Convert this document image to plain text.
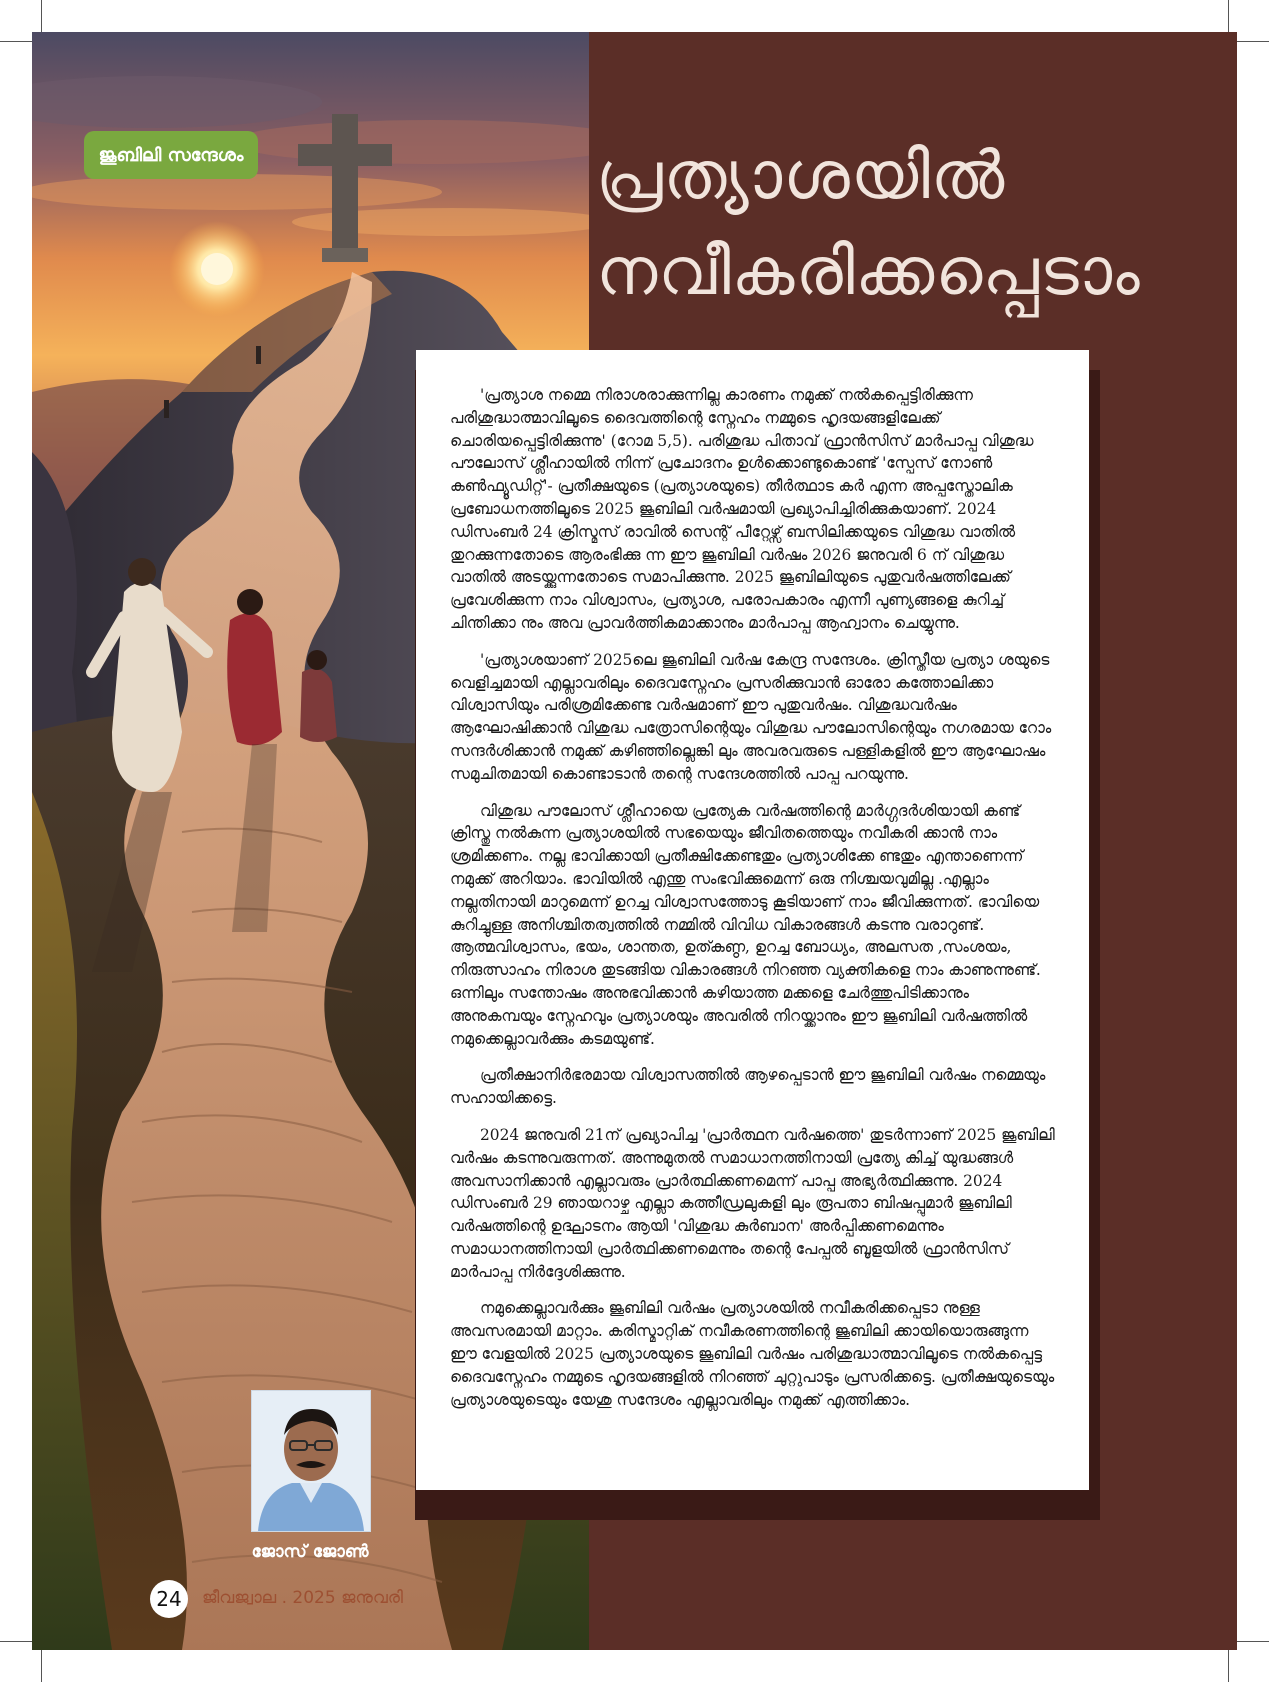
ജൂബിലി സന്ദേശം	പ്രത്യാശയിൽ
നവീകരിക്കപ്പെടാം

'പ്രത്യാശ നമ്മെ നിരാശരാക്കുന്നില്ല കാരണം നമുക്ക് നൽകപ്പെട്ടിരിക്കുന്ന പരിശുദ്ധാത്മാവിലൂടെ ദൈവത്തിന്റെ സ്നേഹം നമ്മുടെ ഹൃദയങ്ങളിലേക്ക് ചൊരിയപ്പെട്ടിരിക്കുന്നു' (റോമ 5,5). പരിശുദ്ധ പിതാവ് ഫ്രാൻസിസ് മാർപാപ്പ വിശുദ്ധ പൗലോസ് ശ്ലീഹായിൽ നിന്ന് പ്രചോദനം ഉൾക്കൊണ്ടുകൊണ്ട് 'സ്പേസ് നോൺ കൺഫ്യൂഡിറ്റ്'- പ്രതീക്ഷയുടെ (പ്രത്യാശയുടെ) തീർത്ഥാട കർ എന്ന അപ്പസ്തോലിക പ്രബോധനത്തിലൂടെ 2025 ജൂബിലി വർഷമായി പ്രഖ്യാപിച്ചിരിക്കുകയാണ്. 2024 ഡിസംബർ 24 ക്രിസ്മസ് രാവിൽ സെന്റ് പീറ്റേഴ്സ് ബസിലിക്കയുടെ വിശുദ്ധ വാതിൽ തുറക്കുന്നതോടെ ആരംഭിക്കു ന്ന ഈ ജൂബിലി വർഷം 2026 ജനുവരി 6 ന് വിശുദ്ധ വാതിൽ അടയ്ക്കുന്നതോടെ സമാപിക്കുന്നു. 2025 ജൂബിലിയുടെ പുതുവർഷത്തിലേക്ക് പ്രവേശിക്കുന്ന നാം വിശ്വാസം, പ്രത്യാശ, പരോപകാരം എന്നീ പുണ്യങ്ങളെ കുറിച്ച് ചിന്തിക്കാ നും അവ പ്രാവർത്തികമാക്കാനും മാർപാപ്പ ആഹ്വാനം ചെയ്യുന്നു.

'പ്രത്യാശയാണ് 2025ലെ ജൂബിലി വർഷ കേന്ദ്ര സന്ദേശം. ക്രിസ്തീയ പ്രത്യാ ശയുടെ വെളിച്ചമായി എല്ലാവരിലും ദൈവസ്നേഹം പ്രസരിക്കുവാൻ ഓരോ കത്തോലിക്കാ വിശ്വാസിയും പരിശ്രമിക്കേണ്ട വർഷമാണ് ഈ പുതുവർഷം. വിശുദ്ധവർഷം ആഘോഷിക്കാൻ വിശുദ്ധ പത്രോസിന്റെയും വിശുദ്ധ പൗലോസിന്റെയും നഗരമായ റോം സന്ദർശിക്കാൻ നമുക്ക് കഴിഞ്ഞില്ലെങ്കി ലും അവരവരുടെ പള്ളികളിൽ ഈ ആഘോഷം സമുചിതമായി കൊണ്ടാടാൻ തന്റെ സന്ദേശത്തിൽ പാപ്പ പറയുന്നു.

വിശുദ്ധ പൗലോസ് ശ്ലീഹായെ പ്രത്യേക വർഷത്തിന്റെ മാർഗ്ഗദർശിയായി കണ്ട് ക്രിസ്തു നൽകുന്ന പ്രത്യാശയിൽ സഭയെയും ജീവിതത്തെയും നവീകരി ക്കാൻ നാം ശ്രമിക്കണം. നല്ല ഭാവിക്കായി പ്രതീക്ഷിക്കേണ്ടതും പ്രത്യാശിക്കേ ണ്ടതും എന്താണെന്ന് നമുക്ക് അറിയാം. ഭാവിയിൽ എന്തു സംഭവിക്കുമെന്ന് ഒരു നിശ്ചയവുമില്ല .എല്ലാം നല്ലതിനായി മാറുമെന്ന് ഉറച്ച വിശ്വാസത്തോടു കൂടിയാണ് നാം ജീവിക്കുന്നത്. ഭാവിയെ കുറിച്ചുള്ള അനിശ്ചിതത്വത്തിൽ നമ്മിൽ വിവിധ വികാരങ്ങൾ കടന്നു വരാറുണ്ട്. ആത്മവിശ്വാസം, ഭയം, ശാന്തത, ഉത്കണ്ഠ, ഉറച്ച ബോധ്യം, അലസത ,സംശയം, നിരുത്സാഹം നിരാശ തുടങ്ങിയ വികാരങ്ങൾ നിറഞ്ഞ വ്യക്തികളെ നാം കാണുന്നുണ്ട്. ഒന്നിലും സന്തോഷം അനുഭവിക്കാൻ കഴിയാത്ത മക്കളെ ചേർത്തുപിടിക്കാനും അനുകമ്പയും സ്നേഹവും പ്രത്യാശയും അവരിൽ നിറയ്ക്കാനും ഈ ജൂബിലി വർഷത്തിൽ നമുക്കെല്ലാവർക്കും കടമയുണ്ട്.

പ്രതീക്ഷാനിർഭരമായ വിശ്വാസത്തിൽ ആഴപ്പെടാൻ ഈ ജൂബിലി വർഷം നമ്മെയും സഹായിക്കട്ടെ.

2024 ജനുവരി 21ന് പ്രഖ്യാപിച്ച 'പ്രാർത്ഥന വർഷത്തെ' തുടർന്നാണ് 2025 ജൂബിലി വർഷം കടന്നുവരുന്നത്. അന്നുമുതൽ സമാധാനത്തിനായി പ്രത്യേ കിച്ച് യുദ്ധങ്ങൾ അവസാനിക്കാൻ എല്ലാവരും പ്രാർത്ഥിക്കണമെന്ന് പാപ്പ അഭ്യർത്ഥിക്കുന്നു. 2024 ഡിസംബർ 29 ഞായറാഴ്ച എല്ലാ കത്തീഡ്രലുകളി ലും രൂപതാ ബിഷപ്പുമാർ ജൂബിലി വർഷത്തിന്റെ ഉദ്ഘാടനം ആയി 'വിശുദ്ധ കുർബാന' അർപ്പിക്കണമെന്നും സമാധാനത്തിനായി പ്രാർത്ഥിക്കണമെന്നും തന്റെ പേപ്പൽ ബൂളയിൽ ഫ്രാൻസിസ് മാർപാപ്പ നിർദ്ദേശിക്കുന്നു.

നമുക്കെല്ലാവർക്കും ജൂബിലി വർഷം പ്രത്യാശയിൽ നവീകരിക്കപ്പെടാ നുള്ള അവസരമായി മാറ്റാം. കരിസ്മാറ്റിക് നവീകരണത്തിന്റെ ജൂബിലി ക്കായിയൊരുങ്ങുന്ന ഈ വേളയിൽ 2025 പ്രത്യാശയുടെ ജൂബിലി വർഷം പരിശുദ്ധാത്മാവിലൂടെ നൽകപ്പെട്ട ദൈവസ്നേഹം നമ്മുടെ ഹൃദയങ്ങളിൽ നിറഞ്ഞ് ചുറ്റുപാടും പ്രസരിക്കട്ടെ. പ്രതീക്ഷയുടെയും പ്രത്യാശയുടെയും യേശു സന്ദേശം എല്ലാവരിലും നമുക്ക് എത്തിക്കാം.

ജോസ് ജോൺ
24	ജീവജ്വാല . 2025 ജനുവരി
